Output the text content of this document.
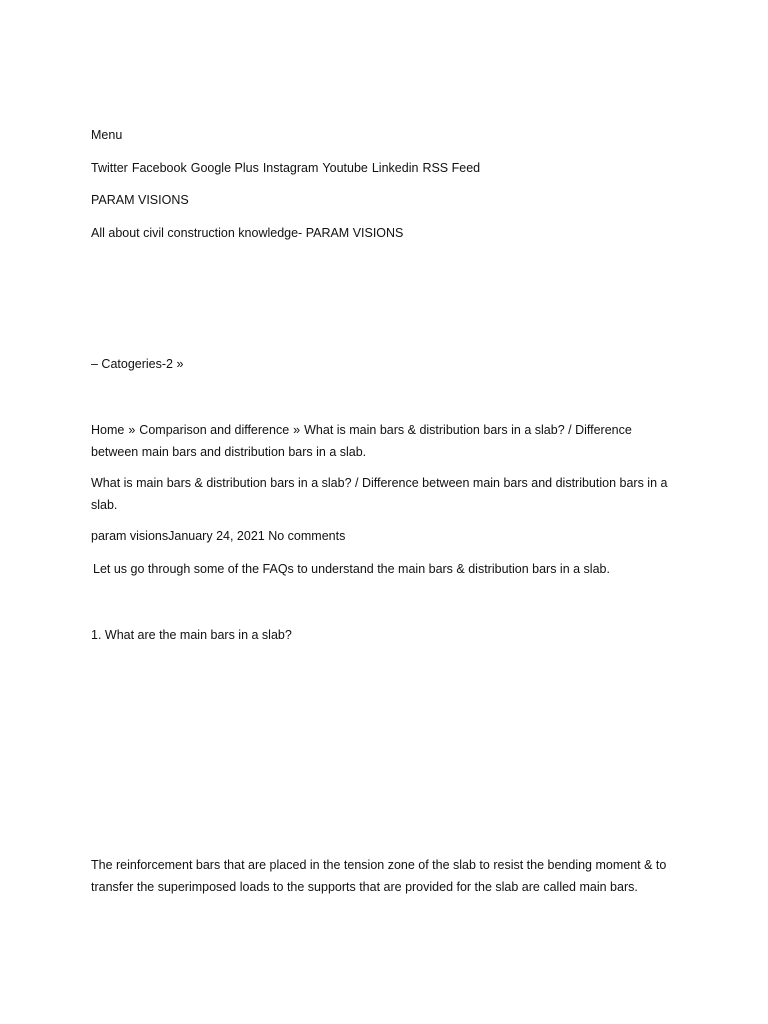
Menu

Twitter Facebook Google Plus Instagram Youtube Linkedin RSS Feed

PARAM VISIONS

All about civil construction knowledge- PARAM VISIONS

– Catogeries-2 »

Home » Comparison and difference » What is main bars & distribution bars in a slab? / Difference between main bars and distribution bars in a slab.

What is main bars & distribution bars in a slab? / Difference between main bars and distribution bars in a slab.

param visionsJanuary 24, 2021 No comments

Let us go through some of the FAQs to understand the main bars & distribution bars in a slab.

1. What are the main bars in a slab?

The reinforcement bars that are placed in the tension zone of the slab to resist the bending moment & to transfer the superimposed loads to the supports that are provided for the slab are called main bars.
